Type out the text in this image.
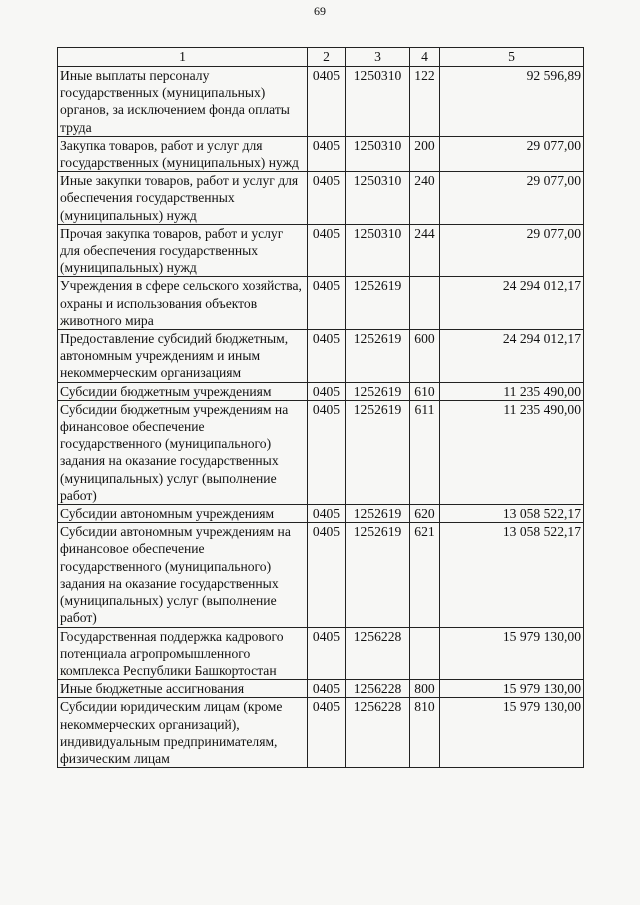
69
1	2	3	4	5
Иные выплаты персоналу государственных (муниципальных) органов, за исключением фонда оплаты труда	0405	1250310	122	92 596,89
Закупка товаров, работ и услуг для государственных (муниципальных) нужд	0405	1250310	200	29 077,00
Иные закупки товаров, работ и услуг для обеспечения государственных (муниципальных) нужд	0405	1250310	240	29 077,00
Прочая закупка товаров, работ и услуг для обеспечения государственных (муниципальных) нужд	0405	1250310	244	29 077,00
Учреждения в сфере сельского хозяйства, охраны и использования объектов животного мира	0405	1252619		24 294 012,17
Предоставление субсидий бюджетным, автономным учреждениям и иным некоммерческим организациям	0405	1252619	600	24 294 012,17
Субсидии бюджетным учреждениям	0405	1252619	610	11 235 490,00
Субсидии бюджетным учреждениям на финансовое обеспечение государственного (муниципального) задания на оказание государственных (муниципальных) услуг (выполнение работ)	0405	1252619	611	11 235 490,00
Субсидии автономным учреждениям	0405	1252619	620	13 058 522,17
Субсидии автономным учреждениям на финансовое обеспечение государственного (муниципального) задания на оказание государственных (муниципальных) услуг (выполнение работ)	0405	1252619	621	13 058 522,17
Государственная поддержка кадрового потенциала агропромышленного комплекса Республики Башкортостан	0405	1256228		15 979 130,00
Иные бюджетные ассигнования	0405	1256228	800	15 979 130,00
Субсидии юридическим лицам (кроме некоммерческих организаций), индивидуальным предпринимателям, физическим лицам	0405	1256228	810	15 979 130,00
